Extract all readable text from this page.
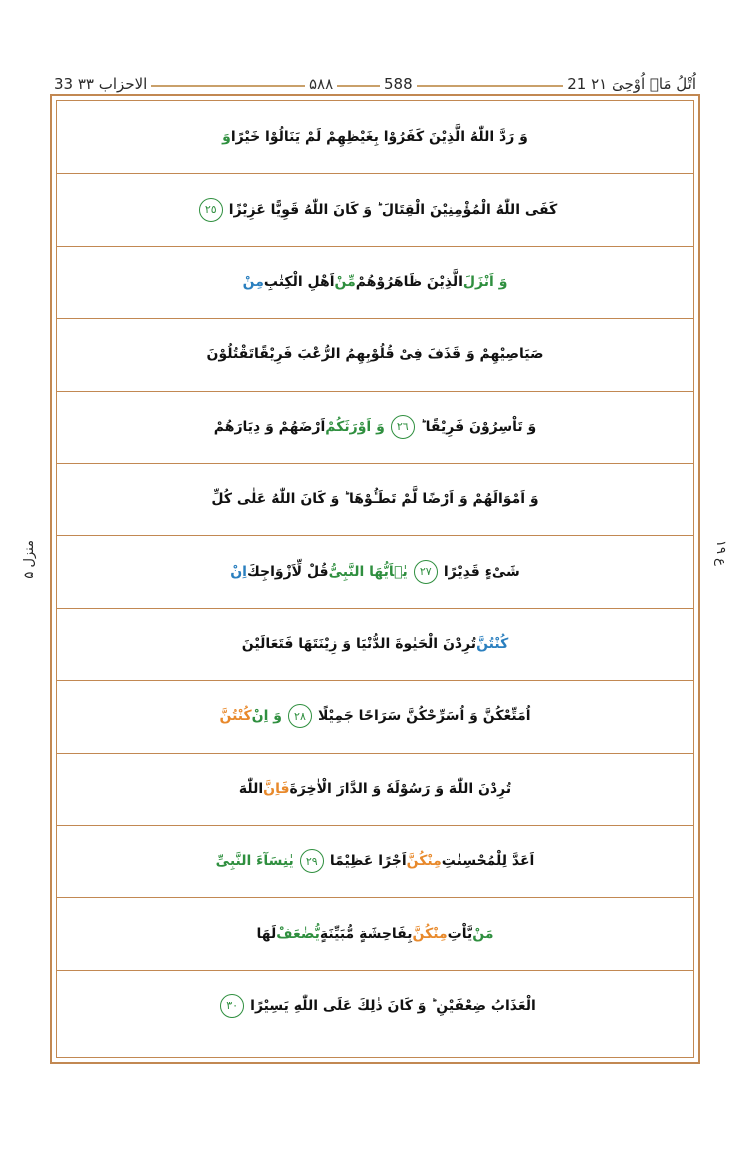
21 اُتْلُ مَاۤ اُوْحِیَ ۲۱
۵۸۸	588
33 الاحزاب ۳۳
منزل ۵	ع ۱۹
وَ رَدَّ اللّٰهُ الَّذِیْنَ كَفَرُوْا بِغَیْظِهِمْ لَمْ یَنَالُوْا خَیْرًا
وَ
كَفَى اللّٰهُ الْمُؤْمِنِیْنَ الْقِتَالَ ؕ وَ كَانَ اللّٰهُ قَوِیًّا عَزِیْزًا
٢٥
وَ اَنْزَلَ
الَّذِیْنَ ظَاهَرُوْهُمْ
مِّنْ
اَهْلِ الْكِتٰبِ
مِنْ
صَیَاصِیْهِمْ وَ قَذَفَ فِیْ قُلُوْبِهِمُ الرُّعْبَ فَرِیْقًا
تَقْتُلُوْنَ
وَ تَاْسِرُوْنَ فَرِیْقًا ؕ
٢٦
وَ اَوْرَثَكُمْ
اَرْضَهُمْ وَ دِیَارَهُمْ
وَ اَمْوَالَهُمْ وَ اَرْضًا لَّمْ تَطَـُٔوْهَا ؕ وَ كَانَ اللّٰهُ عَلٰى كُلِّ
شَیْءٍ قَدِیْرًا
٢٧
یٰۤاَیُّهَا النَّبِیُّ
قُلْ لِّاَزْوَاجِكَ
اِنْ
كُنْتُنَّ
تُرِدْنَ الْحَیٰوةَ الدُّنْیَا وَ زِیْنَتَهَا فَتَعَالَیْنَ
اُمَتِّعْكُنَّ وَ اُسَرِّحْكُنَّ سَرَاحًا جَمِیْلًا
٢٨
وَ اِنْ
كُنْتُنَّ
تُرِدْنَ اللّٰهَ وَ رَسُوْلَهٗ وَ الدَّارَ الْاٰخِرَةَ
فَاِنَّ
اللّٰهَ
اَعَدَّ لِلْمُحْسِنٰتِ
مِنْكُنَّ
اَجْرًا عَظِیْمًا
٢٩
یٰنِسَآءَ النَّبِیِّ
مَنْ
یَّاْتِ
مِنْكُنَّ
بِفَاحِشَةٍ مُّبَیِّنَةٍ
یُّضٰعَفْ
لَهَا
الْعَذَابُ ضِعْفَیْنِ ؕ وَ كَانَ ذٰلِكَ عَلَى اللّٰهِ یَسِیْرًا
٣٠
